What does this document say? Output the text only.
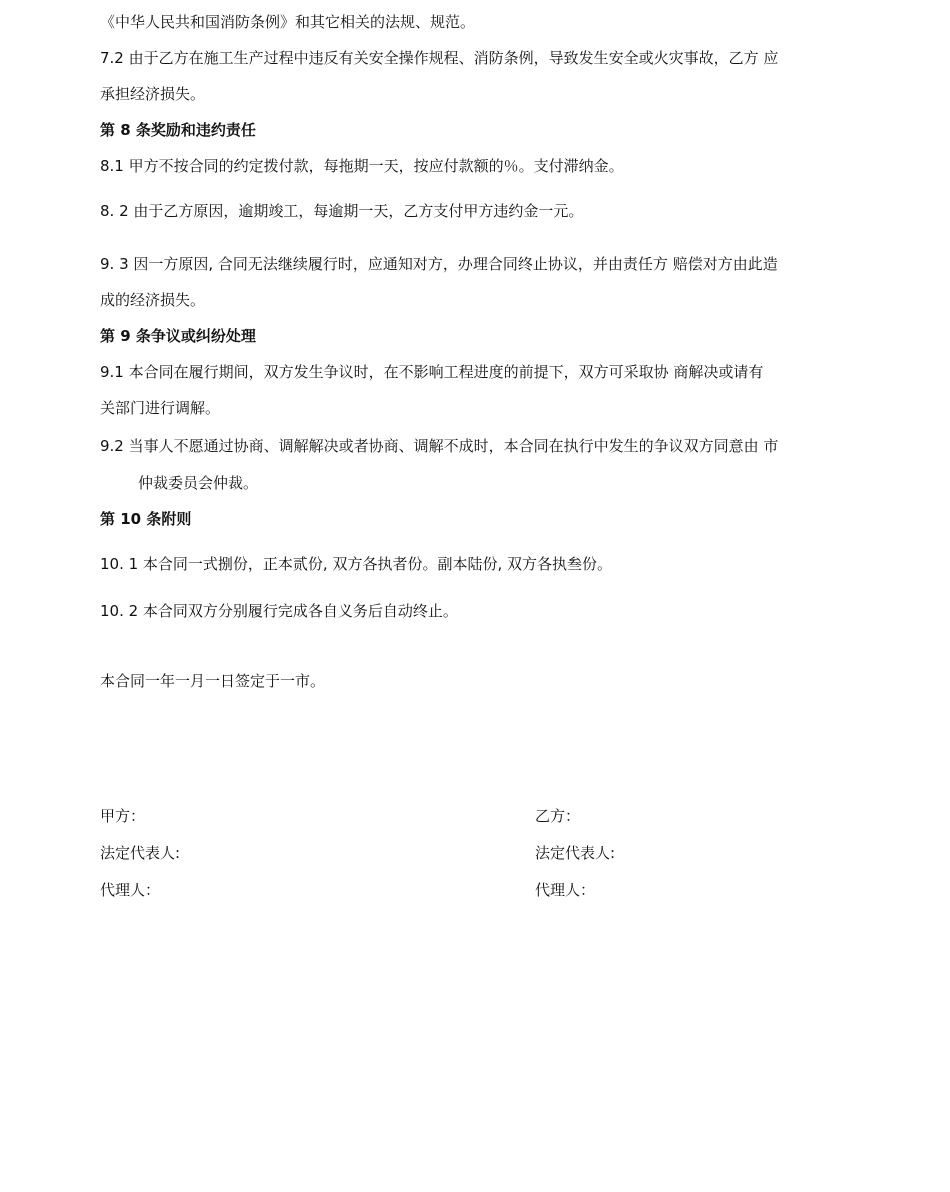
《中华人民共和国消防条例》和其它相关的法规、规范。
7.2 由于乙方在施工生产过程中违反有关安全操作规程、消防条例，导致发生安全或火灾事故，乙方 应
承担经济损失。
第 8 条奖励和违约责任
8.1 甲方不按合同的约定拨付款，每拖期一天，按应付款额的％。支付滞纳金。
8. 2 由于乙方原因，逾期竣工，每逾期一天，乙方支付甲方违约金一元。
9. 3 因一方原因, 合同无法继续履行时，应通知对方，办理合同终止协议，并由责任方 赔偿对方由此造
成的经济损失。
第 9 条争议或纠纷处理
9.1 本合同在履行期间，双方发生争议时，在不影响工程进度的前提下，双方可采取协 商解决或请有
关部门进行调解。
9.2 当事人不愿通过协商、调解解决或者协商、调解不成时，本合同在执行中发生的争议双方同意由 市
仲裁委员会仲裁。
第 10 条附则
10. 1 本合同一式捌份，正本贰份, 双方各执者份。副本陆份, 双方各执叁份。
10. 2 本合同双方分别履行完成各自义务后自动终止。
本合同一年一月一日签定于一市。
甲方：
法定代表人:
代理人：
乙方：
法定代表人:
代理人：
